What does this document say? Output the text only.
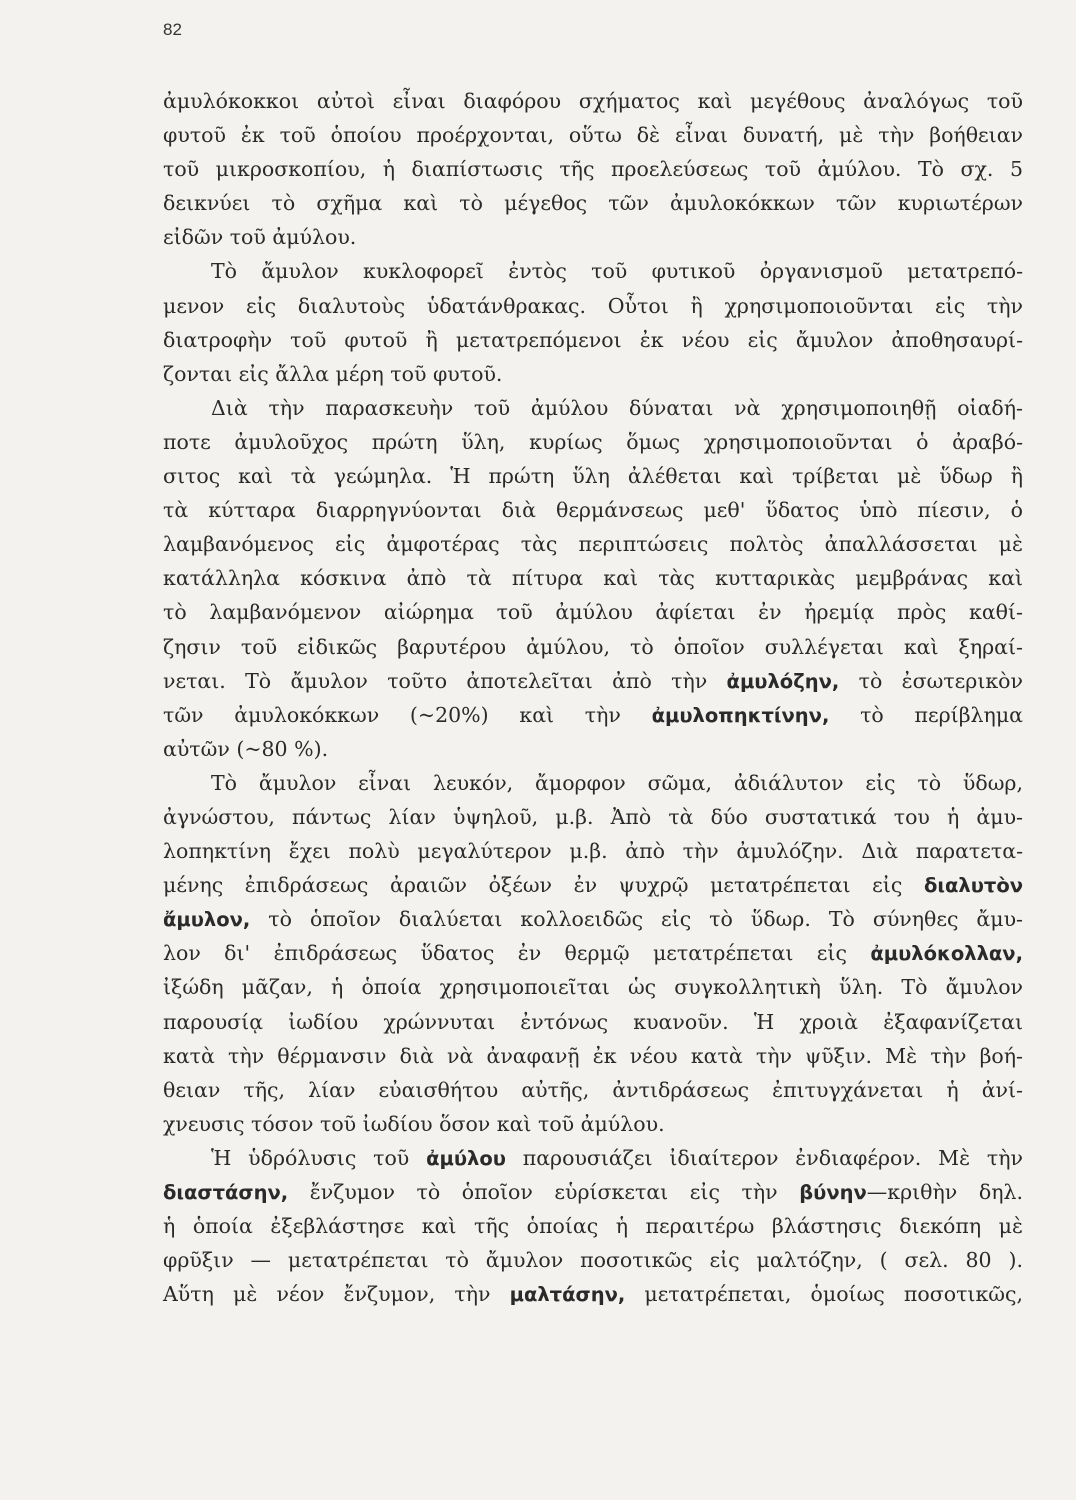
82
ἀμυλόκοκκοι αὐτοὶ εἶναι διαφόρου σχήματος καὶ μεγέθους ἀναλόγως τοῦ
φυτοῦ ἐκ τοῦ ὁποίου προέρχονται, οὕτω δὲ εἶναι δυνατή, μὲ τὴν βοήθειαν
τοῦ μικροσκοπίου, ἡ διαπίστωσις τῆς προελεύσεως τοῦ ἀμύλου. Τὸ σχ. 5
δεικνύει τὸ σχῆμα καὶ τὸ μέγεθος τῶν ἀμυλοκόκκων τῶν κυριωτέρων
εἰδῶν τοῦ ἀμύλου.
Τὸ ἄμυλον κυκλοφορεῖ ἐντὸς τοῦ φυτικοῦ ὀργανισμοῦ μετατρεπό-
μενον εἰς διαλυτοὺς ὑδατάνθρακας. Οὗτοι ἢ χρησιμοποιοῦνται εἰς τὴν
διατροφὴν τοῦ φυτοῦ ἢ μετατρεπόμενοι ἐκ νέου εἰς ἄμυλον ἀποθησαυρί-
ζονται εἰς ἄλλα μέρη τοῦ φυτοῦ.
Διὰ τὴν παρασκευὴν τοῦ ἀμύλου δύναται νὰ χρησιμοποιηθῇ οἱαδή-
ποτε ἀμυλοῦχος πρώτη ὕλη, κυρίως ὅμως χρησιμοποιοῦνται ὁ ἀραβό-
σιτος καὶ τὰ γεώμηλα. Ἡ πρώτη ὕλη ἀλέθεται καὶ τρίβεται μὲ ὕδωρ ἢ
τὰ κύτταρα διαρρηγνύονται διὰ θερμάνσεως μεθ' ὕδατος ὑπὸ πίεσιν, ὁ
λαμβανόμενος εἰς ἀμφοτέρας τὰς περιπτώσεις πολτὸς ἀπαλλάσσεται μὲ
κατάλληλα κόσκινα ἀπὸ τὰ πίτυρα καὶ τὰς κυτταρικὰς μεμβράνας καὶ
τὸ λαμβανόμενον αἰώρημα τοῦ ἀμύλου ἀφίεται ἐν ἠρεμίᾳ πρὸς καθί-
ζησιν τοῦ εἰδικῶς βαρυτέρου ἀμύλου, τὸ ὁποῖον συλλέγεται καὶ ξηραί-
νεται. Τὸ ἄμυλον τοῦτο ἀποτελεῖται ἀπὸ τὴν ἀμυλόζην, τὸ ἐσωτερικὸν
τῶν ἀμυλοκόκκων (~20%) καὶ τὴν ἀμυλοπηκτίνην, τὸ περίβλημα
αὐτῶν (~80 %).
Τὸ ἄμυλον εἶναι λευκόν, ἄμορφον σῶμα, ἀδιάλυτον εἰς τὸ ὕδωρ,
ἀγνώστου, πάντως λίαν ὑψηλοῦ, μ.β. Ἀπὸ τὰ δύο συστατικά του ἡ ἀμυ-
λοπηκτίνη ἔχει πολὺ μεγαλύτερον μ.β. ἀπὸ τὴν ἀμυλόζην. Διὰ παρατετα-
μένης ἐπιδράσεως ἀραιῶν ὀξέων ἐν ψυχρῷ μετατρέπεται εἰς διαλυτὸν
ἄμυλον, τὸ ὁποῖον διαλύεται κολλοειδῶς εἰς τὸ ὕδωρ. Τὸ σύνηθες ἄμυ-
λον δι' ἐπιδράσεως ὕδατος ἐν θερμῷ μετατρέπεται εἰς ἀμυλόκολλαν,
ἰξώδη μᾶζαν, ἡ ὁποία χρησιμοποιεῖται ὡς συγκολλητικὴ ὕλη. Τὸ ἄμυλον
παρουσίᾳ ἰωδίου χρώννυται ἐντόνως κυανοῦν. Ἡ χροιὰ ἐξαφανίζεται
κατὰ τὴν θέρμανσιν διὰ νὰ ἀναφανῇ ἐκ νέου κατὰ τὴν ψῦξιν. Μὲ τὴν βοή-
θειαν τῆς, λίαν εὐαισθήτου αὐτῆς, ἀντιδράσεως ἐπιτυγχάνεται ἡ ἀνί-
χνευσις τόσον τοῦ ἰωδίου ὅσον καὶ τοῦ ἀμύλου.
Ἡ ὑδρόλυσις τοῦ ἀμύλου παρουσιάζει ἰδιαίτερον ἐνδιαφέρον. Μὲ τὴν
διαστάσην, ἔνζυμον τὸ ὁποῖον εὑρίσκεται εἰς τὴν βύνην—κριθὴν δηλ.
ἡ ὁποία ἐξεβλάστησε καὶ τῆς ὁποίας ἡ περαιτέρω βλάστησις διεκόπη μὲ
φρῦξιν — μετατρέπεται τὸ ἄμυλον ποσοτικῶς εἰς μαλτόζην, ( σελ. 80 ).
Αὕτη μὲ νέον ἔνζυμον, τὴν μαλτάσην, μετατρέπεται, ὁμοίως ποσοτικῶς,
